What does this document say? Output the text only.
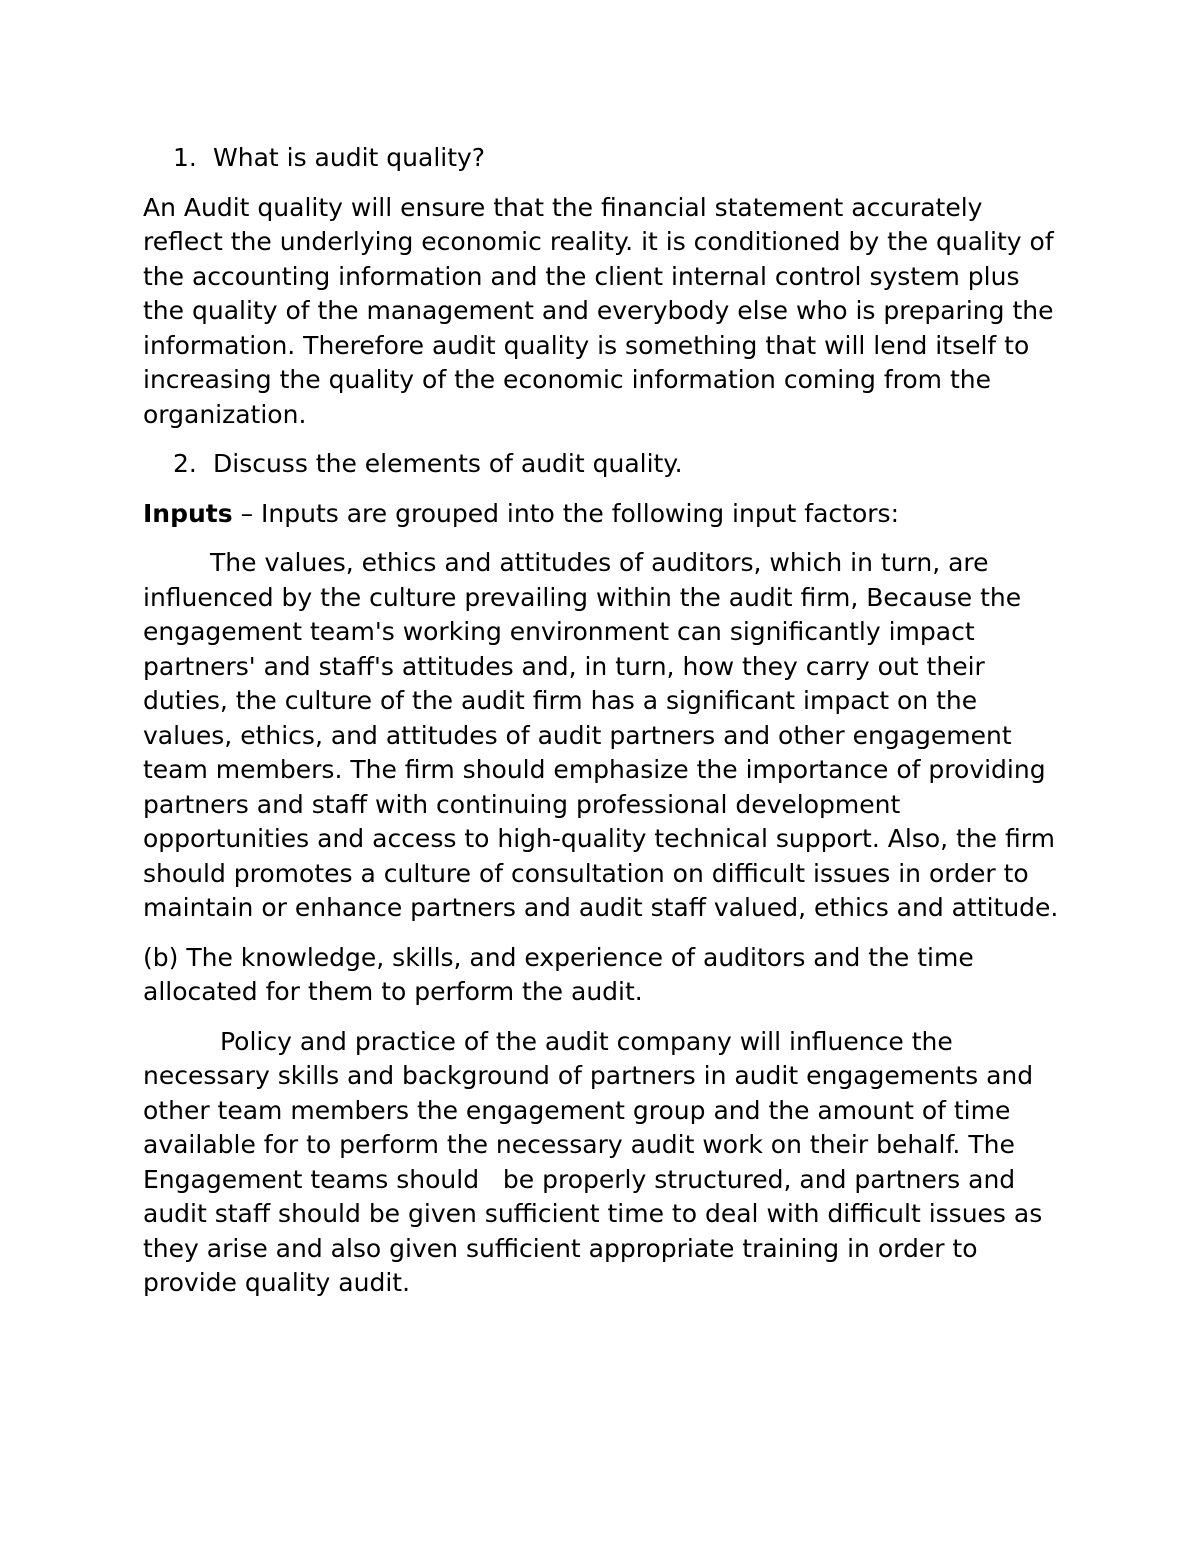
1. What is audit quality?

An Audit quality will ensure that the financial statement accurately reflect the underlying economic reality. it is conditioned by the quality of the accounting information and the client internal control system plus the quality of the management and everybody else who is preparing the information. Therefore audit quality is something that will lend itself to increasing the quality of the economic information coming from the organization.

2. Discuss the elements of audit quality.

Inputs – Inputs are grouped into the following input factors:

The values, ethics and attitudes of auditors, which in turn, are influenced by the culture prevailing within the audit firm, Because the engagement team's working environment can significantly impact partners' and staff's attitudes and, in turn, how they carry out their duties, the culture of the audit firm has a significant impact on the values, ethics, and attitudes of audit partners and other engagement team members. The firm should emphasize the importance of providing partners and staff with continuing professional development opportunities and access to high-quality technical support. Also, the firm should promotes a culture of consultation on difficult issues in order to maintain or enhance partners and audit staff valued, ethics and attitude.

(b) The knowledge, skills, and experience of auditors and the time allocated for them to perform the audit.

Policy and practice of the audit company will influence the necessary skills and background of partners in audit engagements and other team members the engagement group and the amount of time available for to perform the necessary audit work on their behalf. The Engagement teams should   be properly structured, and partners and audit staff should be given sufficient time to deal with difficult issues as they arise and also given sufficient appropriate training in order to provide quality audit.
